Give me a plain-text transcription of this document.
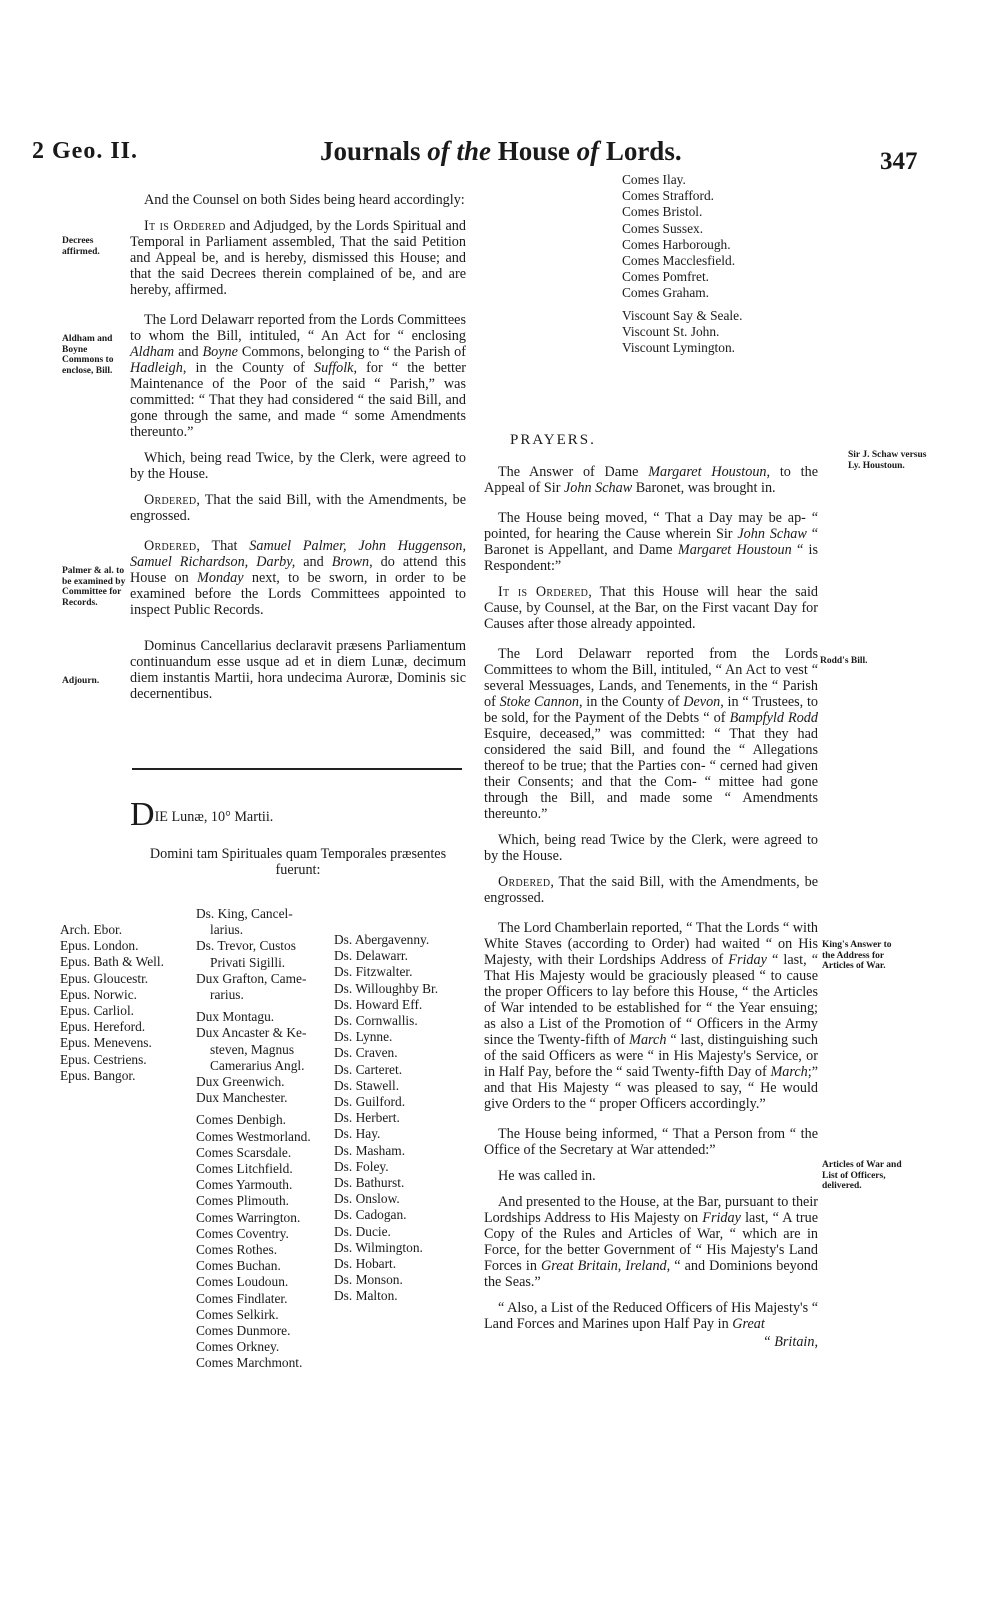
2 Geo. II.	Journals of the House of Lords.	347
Decrees affirmed.
Aldham and Boyne Commons to enclose, Bill.
Palmer & al. to be examined by Committee for Records.
Adjourn.

And the Counsel on both Sides being heard accordingly:

It is Ordered and Adjudged, by the Lords Spiritual and Temporal in Parliament assembled, That the said Petition and Appeal be, and is hereby, dismissed this House; and that the said Decrees therein complained of be, and are hereby, affirmed.

The Lord Delawarr reported from the Lords Committees to whom the Bill, intituled, “ An Act for “ enclosing Aldham and Boyne Commons, belonging to “ the Parish of Hadleigh, in the County of Suffolk, for “ the better Maintenance of the Poor of the said “ Parish,” was committed: “ That they had considered “ the said Bill, and gone through the same, and made “ some Amendments thereunto.”

Which, being read Twice, by the Clerk, were agreed to by the House.

Ordered, That the said Bill, with the Amendments, be engrossed.

Ordered, That Samuel Palmer, John Huggenson, Samuel Richardson, Darby, and Brown, do attend this House on Monday next, to be sworn, in order to be examined before the Lords Committees appointed to inspect Public Records.

Dominus Cancellarius declaravit præsens Parliamentum continuandum esse usque ad et in diem Lunæ, decimum diem instantis Martii, hora undecima Auroræ, Dominis sic decernentibus.

DIE Lunæ, 10° Martii.

Domini tam Spirituales quam Temporales præsentes fuerunt:

Arch. Ebor.
Epus. London.
Epus. Bath & Well.
Epus. Gloucestr.
Epus. Norwic.
Epus. Carliol.
Epus. Hereford.
Epus. Menevens.
Epus. Cestriens.
Epus. Bangor.
Ds. King, Cancel-
larius.
Ds. Trevor, Custos
Privati Sigilli.
Dux Grafton, Came-
rarius.
Dux Montagu.
Dux Ancaster & Ke-
steven, Magnus
Camerarius Angl.
Dux Greenwich.
Dux Manchester.
Comes Denbigh.
Comes Westmorland.
Comes Scarsdale.
Comes Litchfield.
Comes Yarmouth.
Comes Plimouth.
Comes Warrington.
Comes Coventry.
Comes Rothes.
Comes Buchan.
Comes Loudoun.
Comes Findlater.
Comes Selkirk.
Comes Dunmore.
Comes Orkney.
Comes Marchmont.
Ds. Abergavenny.
Ds. Delawarr.
Ds. Fitzwalter.
Ds. Willoughby Br.
Ds. Howard Eff.
Ds. Cornwallis.
Ds. Lynne.
Ds. Craven.
Ds. Carteret.
Ds. Stawell.
Ds. Guilford.
Ds. Herbert.
Ds. Hay.
Ds. Masham.
Ds. Foley.
Ds. Bathurst.
Ds. Onslow.
Ds. Cadogan.
Ds. Ducie.
Ds. Wilmington.
Ds. Hobart.
Ds. Monson.
Ds. Malton.
Comes Ilay.
Comes Strafford.
Comes Bristol.
Comes Sussex.
Comes Harborough.
Comes Macclesfield.
Comes Pomfret.
Comes Graham.
Viscount Say & Seale.
Viscount St. John.
Viscount Lymington.
PRAYERS.
Sir J. Schaw versus Ly. Houstoun.
Rodd's Bill.
King's Answer to the Address for Articles of War.
Articles of War and List of Officers, delivered.

The Answer of Dame Margaret Houstoun, to the Appeal of Sir John Schaw Baronet, was brought in.

The House being moved, “ That a Day may be ap- “ pointed, for hearing the Cause wherein Sir John Schaw “ Baronet is Appellant, and Dame Margaret Houstoun “ is Respondent:”

It is Ordered, That this House will hear the said Cause, by Counsel, at the Bar, on the First vacant Day for Causes after those already appointed.

The Lord Delawarr reported from the Lords Committees to whom the Bill, intituled, “ An Act to vest “ several Messuages, Lands, and Tenements, in the “ Parish of Stoke Cannon, in the County of Devon, in “ Trustees, to be sold, for the Payment of the Debts “ of Bampfyld Rodd Esquire, deceased,” was committed: “ That they had considered the said Bill, and found the “ Allegations thereof to be true; that the Parties con- “ cerned had given their Consents; and that the Com- “ mittee had gone through the Bill, and made some “ Amendments thereunto.”

Which, being read Twice by the Clerk, were agreed to by the House.

Ordered, That the said Bill, with the Amendments, be engrossed.

The Lord Chamberlain reported, “ That the Lords “ with White Staves (according to Order) had waited “ on His Majesty, with their Lordships Address of Friday “ last, “ That His Majesty would be graciously pleased “ to cause the proper Officers to lay before this House, “ the Articles of War intended to be established for “ the Year ensuing; as also a List of the Promotion of “ Officers in the Army since the Twenty-fifth of March “ last, distinguishing such of the said Officers as were “ in His Majesty's Service, or in Half Pay, before the “ said Twenty-fifth Day of March;” and that His Majesty “ was pleased to say, “ He would give Orders to the “ proper Officers accordingly.”

The House being informed, “ That a Person from “ the Office of the Secretary at War attended:”

He was called in.

And presented to the House, at the Bar, pursuant to their Lordships Address to His Majesty on Friday last, “ A true Copy of the Rules and Articles of War, “ which are in Force, for the better Government of “ His Majesty's Land Forces in Great Britain, Ireland, “ and Dominions beyond the Seas.”

“ Also, a List of the Reduced Officers of His Majesty's “ Land Forces and Marines upon Half Pay in Great

“ Britain,
